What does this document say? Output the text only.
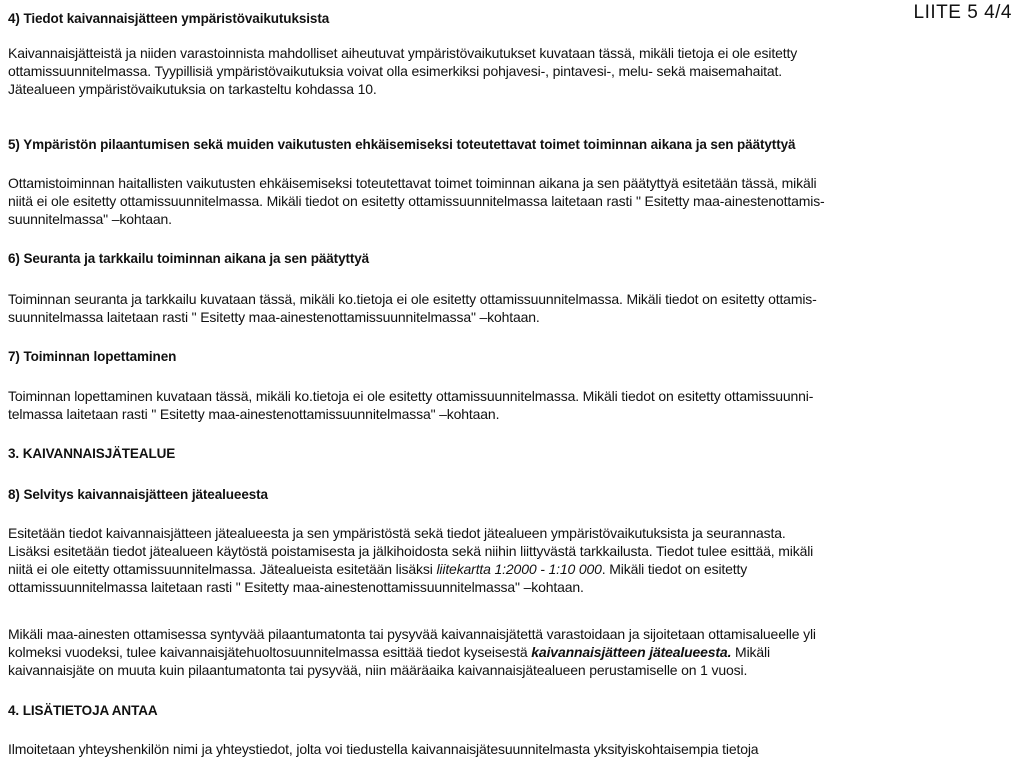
LIITE 5 4/4
4) Tiedot kaivannaisjätteen ympäristövaikutuksista
Kaivannaisjätteistä ja niiden varastoinnista mahdolliset aiheutuvat ympäristövaikutukset kuvataan tässä, mikäli tietoja ei ole esitetty
ottamissuunnitelmassa. Tyypillisiä ympäristövaikutuksia voivat olla esimerkiksi pohjavesi-, pintavesi-, melu- sekä maisemahaitat.
Jätealueen ympäristövaikutuksia on tarkasteltu kohdassa 10.
5) Ympäristön pilaantumisen sekä muiden vaikutusten ehkäisemiseksi toteutettavat toimet toiminnan aikana ja sen päätyttyä
Ottamistoiminnan haitallisten vaikutusten ehkäisemiseksi toteutettavat toimet toiminnan aikana ja sen päätyttyä esitetään tässä, mikäli
niitä ei ole esitetty ottamissuunnitelmassa. Mikäli tiedot on esitetty ottamissuunnitelmassa laitetaan rasti " Esitetty maa-ainestenottamis-
suunnitelmassa" –kohtaan.
6) Seuranta ja tarkkailu toiminnan aikana ja sen päätyttyä
Toiminnan seuranta ja tarkkailu kuvataan tässä, mikäli ko.tietoja ei ole esitetty ottamissuunnitelmassa. Mikäli tiedot on esitetty ottamis-
suunnitelmassa laitetaan rasti " Esitetty maa-ainestenottamissuunnitelmassa" –kohtaan.
7) Toiminnan lopettaminen
Toiminnan lopettaminen kuvataan tässä, mikäli ko.tietoja ei ole esitetty ottamissuunnitelmassa. Mikäli tiedot on esitetty ottamissuunni-
telmassa laitetaan rasti " Esitetty maa-ainestenottamissuunnitelmassa" –kohtaan.
3. KAIVANNAISJÄTEALUE
8) Selvitys kaivannaisjätteen jätealueesta
Esitetään tiedot kaivannaisjätteen jätealueesta ja sen ympäristöstä sekä tiedot jätealueen ympäristövaikutuksista ja seurannasta.
Lisäksi esitetään tiedot jätealueen käytöstä poistamisesta ja jälkihoidosta sekä niihin liittyvästä tarkkailusta. Tiedot tulee esittää, mikäli
niitä ei ole eitetty ottamissuunnitelmassa. Jätealueista esitetään lisäksi liitekartta 1:2000 - 1:10 000. Mikäli tiedot on esitetty
ottamissuunnitelmassa laitetaan rasti " Esitetty maa-ainestenottamissuunnitelmassa" –kohtaan.
Mikäli maa-ainesten ottamisessa syntyvää pilaantumatonta tai pysyvää kaivannaisjätettä varastoidaan ja sijoitetaan ottamisalueelle yli
kolmeksi vuodeksi, tulee kaivannaisjätehuoltosuunnitelmassa esittää tiedot kyseisestä kaivannaisjätteen jätealueesta. Mikäli
kaivannaisjäte on muuta kuin pilaantumatonta tai pysyvää, niin määräaika kaivannaisjätealueen perustamiselle on 1 vuosi.
4. LISÄTIETOJA ANTAA
Ilmoitetaan yhteyshenkilön nimi ja yhteystiedot, jolta voi tiedustella kaivannaisjätesuunnitelmasta yksityiskohtaisempia tietoja
